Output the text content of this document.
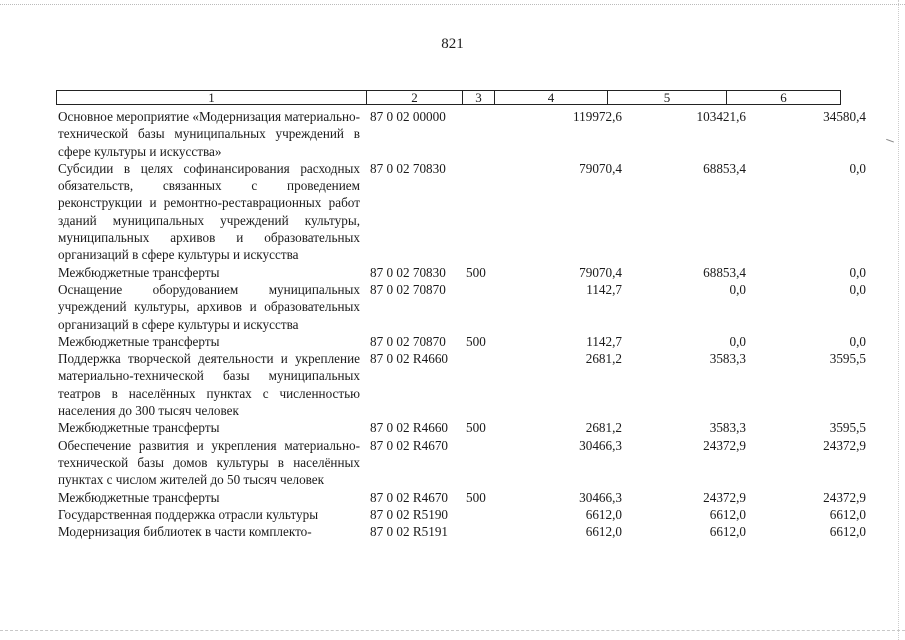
821
1	2	3	4	5	6
Основное мероприятие «Модернизация материально-технической базы муниципальных учреждений в сфере культуры и искусства»	87 0 02 00000		119972,6	103421,6	34580,4
Субсидии в целях софинансирования расходных обязательств, связанных с проведением реконструкции и ремонтно-реставрационных работ зданий муниципальных учреждений культуры, муниципальных архивов и образовательных организаций в сфере культуры и искусства	87 0 02 70830		79070,4	68853,4	0,0
Межбюджетные трансферты	87 0 02 70830	500	79070,4	68853,4	0,0
Оснащение оборудованием муниципальных учреждений культуры, архивов и образовательных организаций в сфере культуры и искусства	87 0 02 70870		1142,7	0,0	0,0
Межбюджетные трансферты	87 0 02 70870	500	1142,7	0,0	0,0
Поддержка творческой деятельности и укрепление материально-технической базы муниципальных театров в населённых пунктах с численностью населения до 300 тысяч человек	87 0 02 R4660		2681,2	3583,3	3595,5
Межбюджетные трансферты	87 0 02 R4660	500	2681,2	3583,3	3595,5
Обеспечение развития и укрепления материально-технической базы домов культуры в населённых пунктах с числом жителей до 50 тысяч человек	87 0 02 R4670		30466,3	24372,9	24372,9
Межбюджетные трансферты	87 0 02 R4670	500	30466,3	24372,9	24372,9
Государственная поддержка отрасли культуры	87 0 02 R5190		6612,0	6612,0	6612,0
Модернизация библиотек в части комплекто-	87 0 02 R5191		6612,0	6612,0	6612,0
